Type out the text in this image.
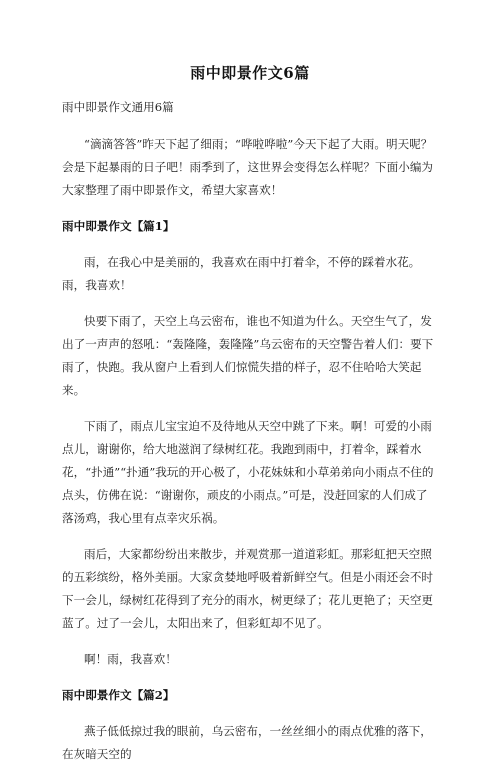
雨中即景作文6篇

雨中即景作文通用6篇

“滴滴答答”昨天下起了细雨；“哗啦哗啦”今天下起了大雨。明天呢？会是下起暴雨的日子吧！雨季到了，这世界会变得怎么样呢？下面小编为大家整理了雨中即景作文，希望大家喜欢！

雨中即景作文【篇1】

雨，在我心中是美丽的，我喜欢在雨中打着伞，不停的踩着水花。雨，我喜欢！

快要下雨了，天空上乌云密布，谁也不知道为什么。天空生气了，发出了一声声的怒吼：“轰隆隆，轰隆隆”乌云密布的天空警告着人们：要下雨了，快跑。我从窗户上看到人们惊慌失措的样子，忍不住哈哈大笑起来。

下雨了，雨点儿宝宝迫不及待地从天空中跳了下来。啊！可爱的小雨点儿，谢谢你，给大地滋润了绿树红花。我跑到雨中，打着伞，踩着水花，“扑通”“扑通”我玩的开心极了，小花妹妹和小草弟弟向小雨点不住的点头，仿佛在说：“谢谢你，顽皮的小雨点。”可是，没赶回家的人们成了落汤鸡，我心里有点幸灾乐祸。

雨后，大家都纷纷出来散步，并观赏那一道道彩虹。那彩虹把天空照的五彩缤纷，格外美丽。大家贪婪地呼吸着新鲜空气。但是小雨还会不时下一会儿，绿树红花得到了充分的雨水，树更绿了；花儿更艳了；天空更蓝了。过了一会儿，太阳出来了，但彩虹却不见了。

啊！雨，我喜欢！

雨中即景作文【篇2】

燕子低低掠过我的眼前，乌云密布，一丝丝细小的雨点优雅的落下，在灰暗天空的
